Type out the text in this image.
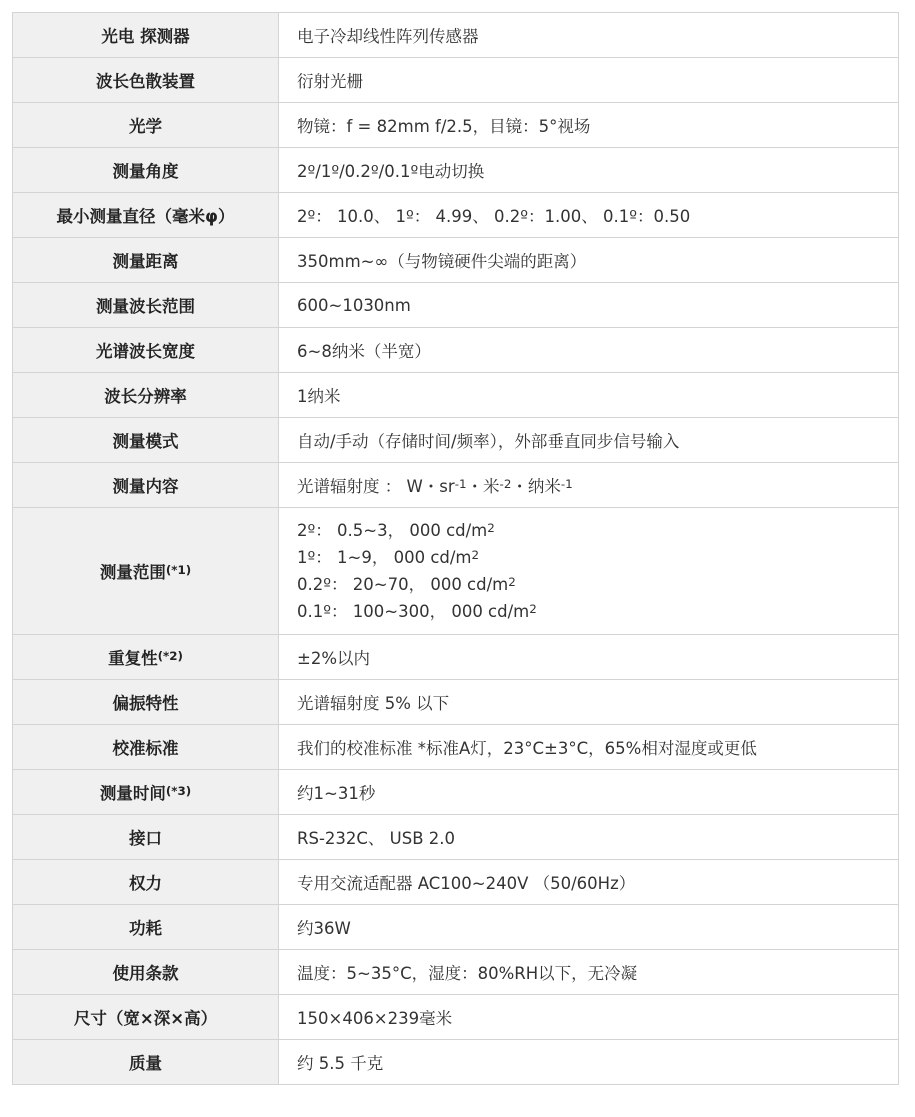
光电 探测器	电子冷却线性阵列传感器
波长色散装置	衍射光栅
光学	物镜：f = 82mm f/2.5，目镜：5°视场
测量角度	2º/1º/0.2º/0.1º电动切换
最小测量直径（毫米φ）	2º： 10.0、 1º： 4.99、 0.2º：1.00、 0.1º：0.50
测量距离	350mm~∞（与物镜硬件尖端的距离）
测量波长范围	600~1030nm
光谱波长宽度	6~8纳米（半宽）
波长分辨率	1纳米
测量模式	自动/手动（存储时间/频率），外部垂直同步信号输入
测量内容	光谱辐射度 ： W・$sr^{-1}$・米$^{-2}$・纳米$^{-1}$
测量范围$^{(*1)}$	2º： 0.5~3， 000 $cd/m^2$
1º： 1~9， 000 $cd/m^2$
0.2º： 20~70， 000 $cd/m^2$
0.1º： 100~300， 000 $cd/m^2$

重复性$^{(*2)}$	±2%以内
偏振特性	光谱辐射度 5% 以下
校准标准	我们的校准标准 *标准A灯，23°C±3°C，65%相对湿度或更低
测量时间$^{(*3)}$	约1~31秒
接口	RS-232C、 USB 2.0
权力	专用交流适配器 AC100~240V （50/60Hz）
功耗	约36W
使用条款	温度：5~35°C，湿度：80%RH以下，无冷凝
尺寸（宽×深×高）	150×406×239毫米
质量	约 5.5 千克
